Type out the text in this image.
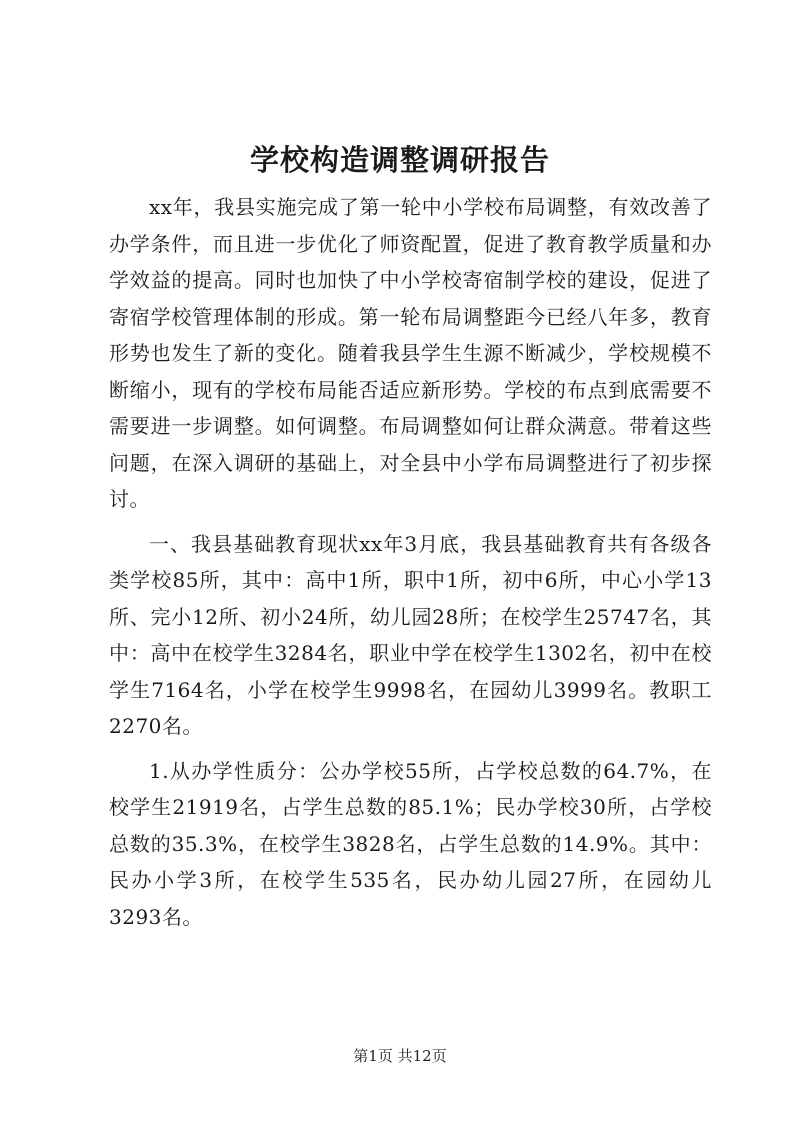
学校构造调整调研报告

xx年，我县实施完成了第一轮中小学校布局调整，有效改善了办学条件，而且进一步优化了师资配置，促进了教育教学质量和办学效益的提高。同时也加快了中小学校寄宿制学校的建设，促进了寄宿学校管理体制的形成。第一轮布局调整距今已经八年多，教育形势也发生了新的变化。随着我县学生生源不断减少，学校规模不断缩小，现有的学校布局能否适应新形势。学校的布点到底需要不需要进一步调整。如何调整。布局调整如何让群众满意。带着这些问题，在深入调研的基础上，对全县中小学布局调整进行了初步探讨。

一、我县基础教育现状xx年3月底，我县基础教育共有各级各类学校85所，其中：高中1所，职中1所，初中6所，中心小学13所、完小12所、初小24所，幼儿园28所；在校学生25747名，其中：高中在校学生3284名，职业中学在校学生1302名，初中在校学生7164名，小学在校学生9998名，在园幼儿3999名。教职工2270名。

1.从办学性质分：公办学校55所，占学校总数的64.7%，在校学生21919名，占学生总数的85.1%；民办学校30所，占学校总数的35.3%，在校学生3828名，占学生总数的14.9%。其中：民办小学3所，在校学生535名，民办幼儿园27所，在园幼儿3293名。

第1页 共12页
